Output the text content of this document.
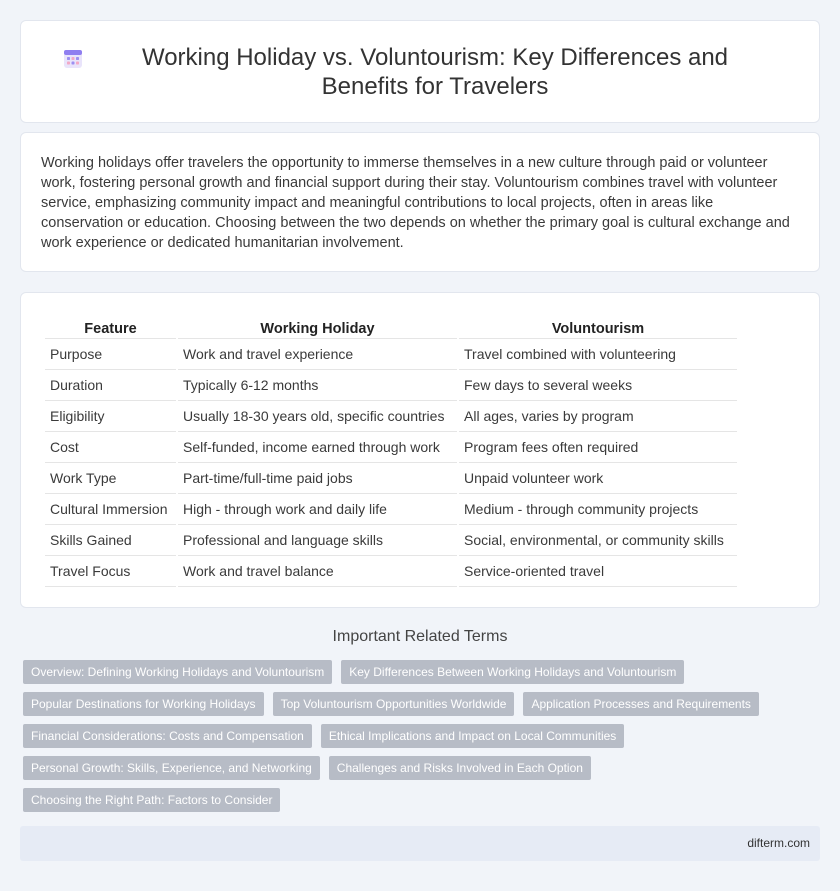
Working Holiday vs. Voluntourism: Key Differences and Benefits for Travelers

Working holidays offer travelers the opportunity to immerse themselves in a new culture through paid or volunteer work, fostering personal growth and financial support during their stay. Voluntourism combines travel with volunteer service, emphasizing community impact and meaningful contributions to local projects, often in areas like conservation or education. Choosing between the two depends on whether the primary goal is cultural exchange and work experience or dedicated humanitarian involvement.

Feature	Working Holiday	Voluntourism
Purpose	Work and travel experience	Travel combined with volunteering
Duration	Typically 6-12 months	Few days to several weeks
Eligibility	Usually 18-30 years old, specific countries	All ages, varies by program
Cost	Self-funded, income earned through work	Program fees often required
Work Type	Part-time/full-time paid jobs	Unpaid volunteer work
Cultural Immersion	High - through work and daily life	Medium - through community projects
Skills Gained	Professional and language skills	Social, environmental, or community skills
Travel Focus	Work and travel balance	Service-oriented travel
Important Related Terms
Overview: Defining Working Holidays and Voluntourism	Key Differences Between Working Holidays and Voluntourism
Popular Destinations for Working Holidays	Top Voluntourism Opportunities Worldwide	Application Processes and Requirements
Financial Considerations: Costs and Compensation	Ethical Implications and Impact on Local Communities
Personal Growth: Skills, Experience, and Networking	Challenges and Risks Involved in Each Option
Choosing the Right Path: Factors to Consider
difterm.com
